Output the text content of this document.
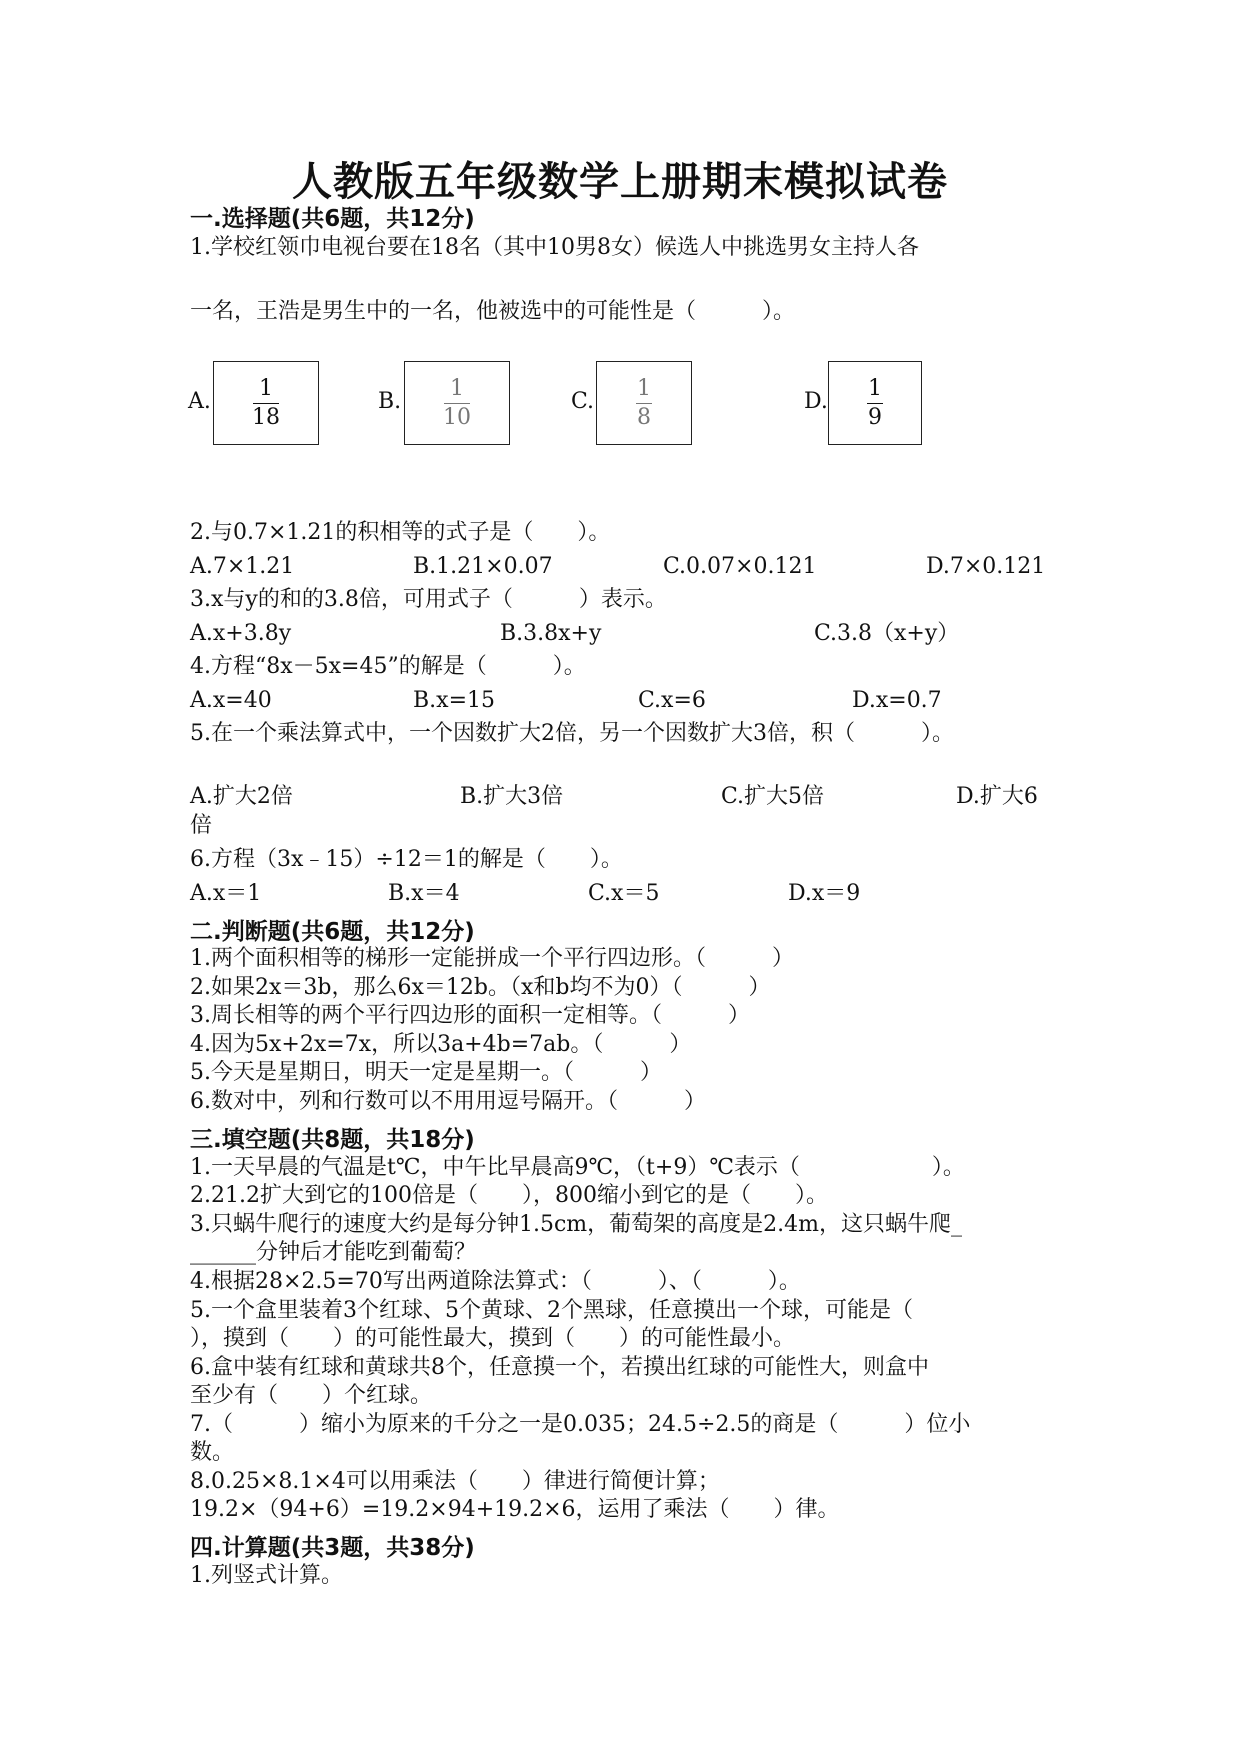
人教版五年级数学上册期末模拟试卷
一.选择题(共6题，共12分)
1.学校红领巾电视台要在18名（其中10男8女）候选人中挑选男女主持人各
一名，王浩是男生中的一名，他被选中的可能性是（　　　）。
A.
1
18
B.
1
10
C.
1
8
D.
1
9
2.与0.7×1.21的积相等的式子是（　　）。
A.7×1.21	B.1.21×0.07	C.0.07×0.121	D.7×0.121
3.x与y的和的3.8倍，可用式子（　　　）表示。
A.x+3.8y	B.3.8x+y	C.3.8（x+y）
4.方程“8x－5x=45”的解是（　　　）。
A.x=40	B.x=15	C.x=6	D.x=0.7
5.在一个乘法算式中，一个因数扩大2倍，另一个因数扩大3倍，积（　　　）。
A.扩大2倍	B.扩大3倍	C.扩大5倍	D.扩大6
倍
6.方程（3x﹣15）÷12＝1的解是（　　）。
A.x＝1	B.x＝4	C.x＝5	D.x＝9
二.判断题(共6题，共12分)
1.两个面积相等的梯形一定能拼成一个平行四边形。（　　　）
2.如果2x＝3b，那么6x＝12b。（x和b均不为0）（　　　）
3.周长相等的两个平行四边形的面积一定相等。（　　　）
4.因为5x+2x=7x，所以3a+4b=7ab。（　　　）
5.今天是星期日，明天一定是星期一。（　　　）
6.数对中，列和行数可以不用用逗号隔开。（　　　）
三.填空题(共8题，共18分)
1.一天早晨的气温是t℃，中午比早晨高9℃，（t+9）℃表示（　　　　　　）。
2.21.2扩大到它的100倍是（　　），800缩小到它的是（　　）。
3.只蜗牛爬行的速度大约是每分钟1.5cm，葡萄架的高度是2.4m，这只蜗牛爬_
______分钟后才能吃到葡萄？
4.根据28×2.5=70写出两道除法算式：（　　　）、（　　　）。
5.一个盒里装着3个红球、5个黄球、2个黑球，任意摸出一个球，可能是（
），摸到（　　）的可能性最大，摸到（　　）的可能性最小。
6.盒中装有红球和黄球共8个，任意摸一个，若摸出红球的可能性大，则盒中
至少有（　　）个红球。
7.（　　　）缩小为原来的千分之一是0.035；24.5÷2.5的商是（　　　）位小
数。
8.0.25×8.1×4可以用乘法（　　）律进行简便计算；
19.2×（94+6）=19.2×94+19.2×6，运用了乘法（　　）律。
四.计算题(共3题，共38分)
1.列竖式计算。
